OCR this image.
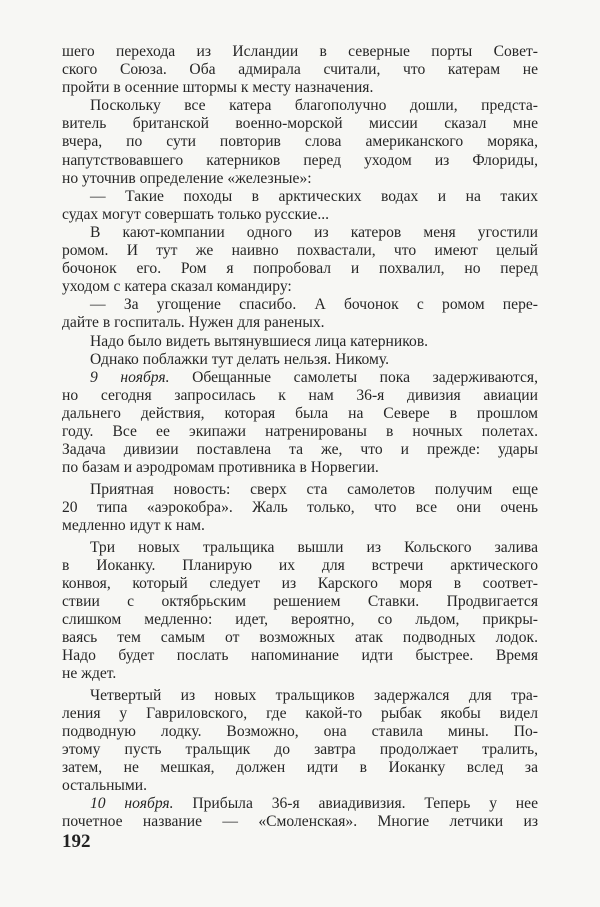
шего перехода из Исландии в северные порты Совет-
ского Союза. Оба адмирала считали, что катерам не
пройти в осенние штормы к месту назначения.
Поскольку все катера благополучно дошли, предста-
витель британской военно-морской миссии сказал мне
вчера, по сути повторив слова американского моряка,
напутствовавшего катерников перед уходом из Флориды,
но уточнив определение «железные»:
— Такие походы в арктических водах и на таких
судах могут совершать только русские...
В кают-компании одного из катеров меня угостили
ромом. И тут же наивно похвастали, что имеют целый
бочонок его. Ром я попробовал и похвалил, но перед
уходом с катера сказал командиру:
— За угощение спасибо. А бочонок с ромом пере-
дайте в госпиталь. Нужен для раненых.
Надо было видеть вытянувшиеся лица катерников.
Однако поблажки тут делать нельзя. Никому.
9 ноября. Обещанные самолеты пока задерживаются,
но сегодня запросилась к нам 36-я дивизия авиации
дальнего действия, которая была на Севере в прошлом
году. Все ее экипажи натренированы в ночных полетах.
Задача дивизии поставлена та же, что и прежде: удары
по базам и аэродромам противника в Норвегии.
Приятная новость: сверх ста самолетов получим еще
20 типа «аэрокобра». Жаль только, что все они очень
медленно идут к нам.
Три новых тральщика вышли из Кольского залива
в Иоканку. Планирую их для встречи арктического
конвоя, который следует из Карского моря в соответ-
ствии с октябрьским решением Ставки. Продвигается
слишком медленно: идет, вероятно, со льдом, прикры-
ваясь тем самым от возможных атак подводных лодок.
Надо будет послать напоминание идти быстрее. Время
не ждет.
Четвертый из новых тральщиков задержался для тра-
ления у Гавриловского, где какой-то рыбак якобы видел
подводную лодку. Возможно, она ставила мины. По-
этому пусть тральщик до завтра продолжает тралить,
затем, не мешкая, должен идти в Иоканку вслед за
остальными.
10 ноября. Прибыла 36-я авиадивизия. Теперь у нее
почетное название — «Смоленская». Многие летчики из
192
